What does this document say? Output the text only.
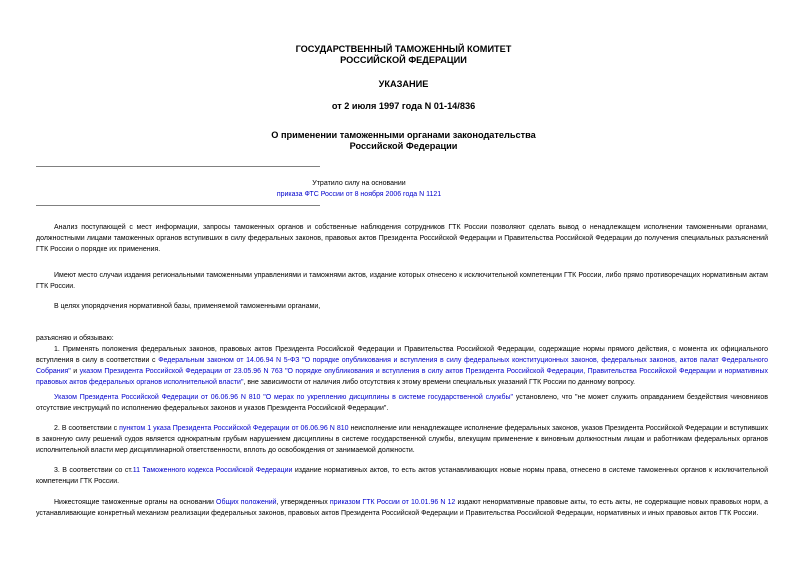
ГОСУДАРСТВЕННЫЙ ТАМОЖЕННЫЙ КОМИТЕТ
РОССИЙСКОЙ ФЕДЕРАЦИИ
УКАЗАНИЕ
от 2 июля 1997 года N 01-14/836
О применении таможенными органами законодательства
Российской Федерации
Утратило силу на основании
приказа ФТС России от 8 ноября 2006 года N 1121

Анализ поступающей с мест информации, запросы таможенных органов и собственные наблюдения сотрудников ГТК России позволяют сделать вывод о ненадлежащем исполнении таможенными органами, должностными лицами таможенных органов вступивших в силу федеральных законов, правовых актов Президента Российской Федерации и Правительства Российской Федерации до получения специальных разъяснений ГТК России о порядке их применения.

Имеют место случаи издания региональными таможенными управлениями и таможнями актов, издание которых отнесено к исключительной компетенции ГТК России, либо прямо противоречащих нормативным актам ГТК России.

В целях упорядочения нормативной базы, применяемой таможенными органами,

разъясняю и обязываю:

1. Применять положения федеральных законов, правовых актов Президента Российской Федерации и Правительства Российской Федерации, содержащие нормы прямого действия, с момента их официального вступления в силу в соответствии с Федеральным законом от 14.06.94 N 5-ФЗ "О порядке опубликования и вступления в силу федеральных конституционных законов, федеральных законов, актов палат Федерального Собрания" и указом Президента Российской Федерации от 23.05.96 N 763 "О порядке опубликования и вступления в силу актов Президента Российской Федерации, Правительства Российской Федерации и нормативных правовых актов федеральных органов исполнительной власти", вне зависимости от наличия либо отсутствия к этому времени специальных указаний ГТК России по данному вопросу.

Указом Президента Российской Федерации от 06.06.96 N 810 "О мерах по укреплению дисциплины в системе государственной службы" установлено, что "не может служить оправданием бездействия чиновников отсутствие инструкций по исполнению федеральных законов и указов Президента Российской Федерации".

2. В соответствии с пунктом 1 указа Президента Российской Федерации от 06.06.96 N 810 неисполнение или ненадлежащее исполнение федеральных законов, указов Президента Российской Федерации и вступивших в законную силу решений судов является однократным грубым нарушением дисциплины в системе государственной службы, влекущим применение к виновным должностным лицам и работникам федеральных органов исполнительной власти мер дисциплинарной ответственности, вплоть до освобождения от занимаемой должности.

3. В соответствии со ст.11 Таможенного кодекса Российской Федерации издание нормативных актов, то есть актов устанавливающих новые нормы права, отнесено в системе таможенных органов к исключительной компетенции ГТК России.

Нижестоящие таможенные органы на основании Общих положений, утвержденных приказом ГТК России от 10.01.96 N 12 издают ненормативные правовые акты, то есть акты, не содержащие новых правовых норм, а устанавливающие конкретный механизм реализации федеральных законов, правовых актов Президента Российской Федерации и Правительства Российской Федерации, нормативных и иных правовых актов ГТК России.
